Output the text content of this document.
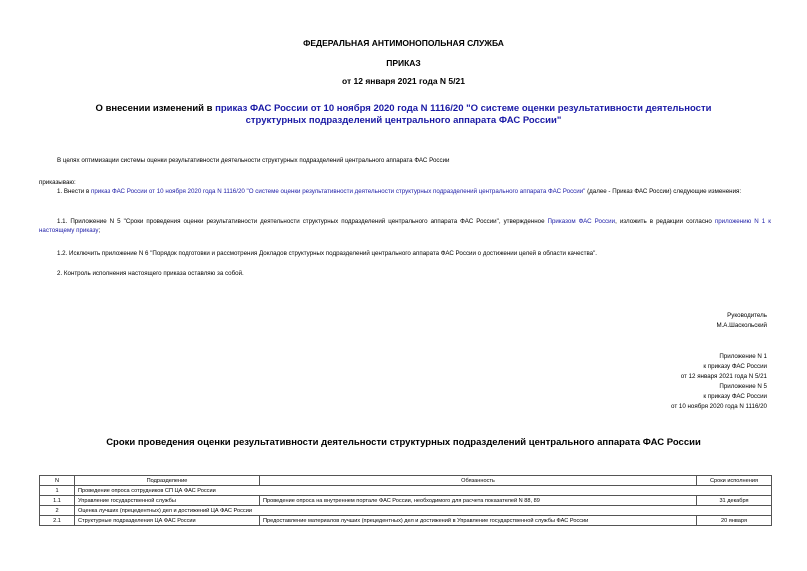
ФЕДЕРАЛЬНАЯ АНТИМОНОПОЛЬНАЯ СЛУЖБА
ПРИКАЗ
от 12 января 2021 года N 5/21
О внесении изменений в приказ ФАС России от 10 ноября 2020 года N 1116/20 "О системе оценки результативности деятельности структурных подразделений центрального аппарата ФАС России"
В целях оптимизации системы оценки результативности деятельности структурных подразделений центрального аппарата ФАС России
приказываю:
1. Внести в приказ ФАС России от 10 ноября 2020 года N 1116/20 "О системе оценки результативности деятельности структурных подразделений центрального аппарата ФАС России" (далее - Приказ ФАС России) следующие изменения:
1.1. Приложение N 5 "Сроки проведения оценки результативности деятельности структурных подразделений центрального аппарата ФАС России", утвержденное Приказом ФАС России, изложить в редакции согласно приложению N 1 к настоящему приказу;
1.2. Исключить приложение N 6 "Порядок подготовки и рассмотрения Докладов структурных подразделений центрального аппарата ФАС России о достижении целей в области качества".
2. Контроль исполнения настоящего приказа оставляю за собой.
Руководитель
М.А.Шаскольский
Приложение N 1
к приказу ФАС России
от 12 января 2021 года N 5/21
Приложение N 5
к приказу ФАС России
от 10 ноября 2020 года N 1116/20
Сроки проведения оценки результативности деятельности структурных подразделений центрального аппарата ФАС России
N	Подразделение	Обязанность	Сроки исполнения
1	Проведение опроса сотрудников СП ЦА ФАС России		
1.1	Управление государственной службы	Проведение опроса на внутреннем портале ФАС России, необходимого для расчета показателей N 88, 89	31 декабря
2	Оценка лучших (прецедентных) дел и достижений ЦА ФАС России		
2.1	Структурные подразделения ЦА ФАС России	Предоставление материалов лучших (прецедентных) дел и достижений в Управление государственной службы ФАС России	20 января
